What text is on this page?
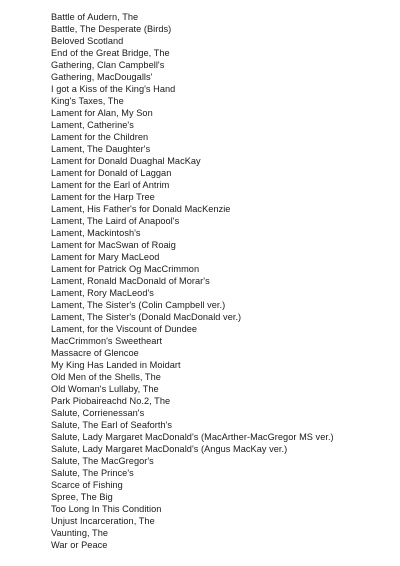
Battle of Audern, The
Battle, The Desperate (Birds)
Beloved Scotland
End of the Great Bridge, The
Gathering, Clan Campbell's
Gathering, MacDougalls'
I got a Kiss of the King's Hand
King's Taxes, The
Lament for Alan, My Son
Lament, Catherine's
Lament for the Children
Lament, The Daughter's
Lament for Donald Duaghal MacKay
Lament for Donald of Laggan
Lament for the Earl of Antrim
Lament for the Harp Tree
Lament, His Father's for Donald MacKenzie
Lament, The Laird of Anapool's
Lament, Mackintosh's
Lament for MacSwan of Roaig
Lament for Mary MacLeod
Lament for Patrick Og MacCrimmon
Lament, Ronald MacDonald of Morar's
Lament, Rory MacLeod's
Lament, The Sister's (Colin Campbell ver.)
Lament, The Sister's (Donald MacDonald ver.)
Lament, for the Viscount of Dundee
MacCrimmon's Sweetheart
Massacre of Glencoe
My King Has Landed in Moidart
Old Men of the Shells, The
Old Woman's Lullaby, The
Park Piobaireachd No.2, The
Salute, Corrienessan's
Salute, The Earl of Seaforth's
Salute, Lady Margaret MacDonald's (MacArther-MacGregor MS ver.)
Salute, Lady Margaret MacDonald's (Angus MacKay ver.)
Salute, The MacGregor's
Salute, The Prince's
Scarce of Fishing
Spree, The Big
Too Long In This Condition
Unjust Incarceration, The
Vaunting, The
War or Peace
